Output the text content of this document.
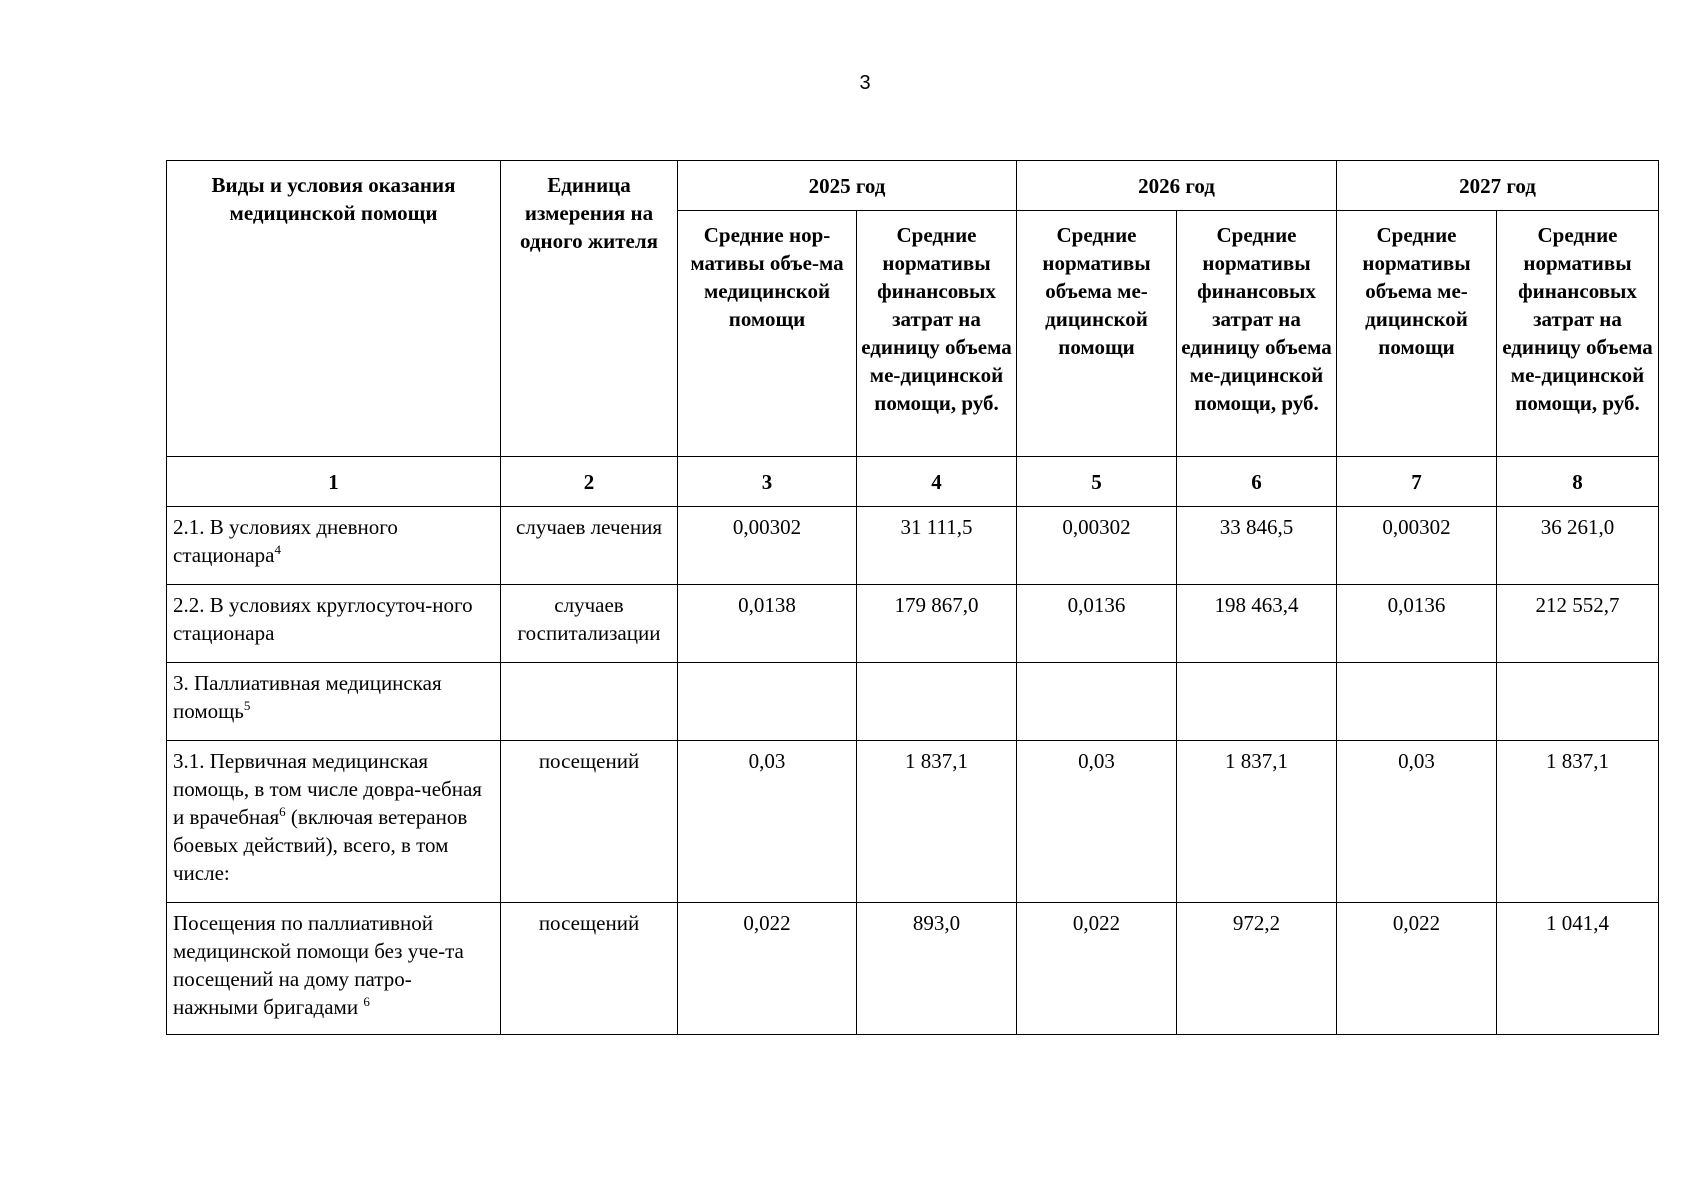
3
Виды и условия оказания медицинской помощи	Единица измерения на одного жителя	2025 год		2026 год		2027 год	
		Средние нор-мативы объе-ма медицинской помощи	Средние нормативы финансовых затрат на единицу объема ме-дицинской помощи, руб.	Средние нормативы объема ме-дицинской помощи	Средние нормативы финансовых затрат на единицу объема ме-дицинской помощи, руб.	Средние нормативы объема ме-дицинской помощи	Средние нормативы финансовых затрат на единицу объема ме-дицинской помощи, руб.
1	2	3	4	5	6	7	8
2.1. В условиях дневного стационара$^4$	случаев лечения	0,00302	31 111,5	0,00302	33 846,5	0,00302	36 261,0
2.2. В условиях круглосуточ-ного стационара	случаев госпитализации	0,0138	179 867,0	0,0136	198 463,4	0,0136	212 552,7
3. Паллиативная медицинская помощь$^5$							
3.1. Первичная медицинская помощь, в том числе довра-чебная и врачебная$^6$ (включая ветеранов боевых действий), всего, в том числе:	посещений	0,03	1 837,1	0,03	1 837,1	0,03	1 837,1
Посещения по паллиативной медицинской помощи без уче-та посещений на дому патро-нажными бригадами $^6$	посещений	0,022	893,0	0,022	972,2	0,022	1 041,4
